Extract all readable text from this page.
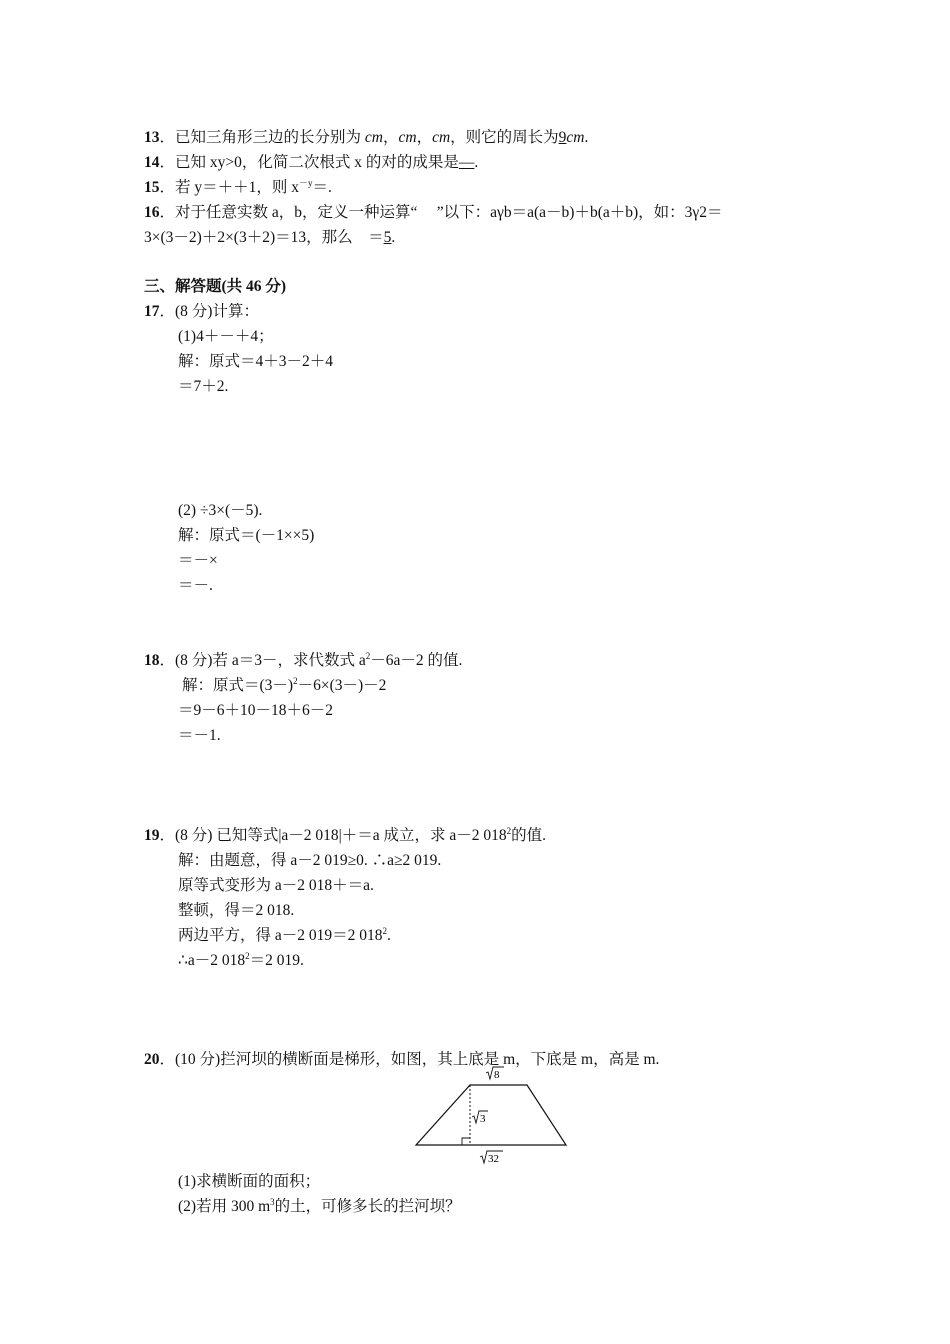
13．已知三角形三边的长分别为 cm，cm，cm，则它的周长为9cm.
14．已知 xy>0，化简二次根式 x 的对的成果是—.
15．若 y＝＋＋1，则 $x^{-y}=$.
16．对于任意实数 a，b，定义一种运算“　 ”以下：aγb＝a(a－b)＋b(a＋b)，如：3γ2＝
3×(3－2)＋2×(3＋2)＝13，那么　＝5.
三、解答题(共 46 分)
17．(8 分)计算：
(1)4＋－＋4；
解：原式＝4＋3－2＋4
＝7＋2.
(2) ÷3×(－5).
解：原式＝(－1××5)
＝－×
＝－.
18．(8 分)若 a＝3－，求代数式 $a^2-6a-2$ 的值.
解：原式$=(3-)^2-6\times(3-)-2$
＝9－6＋10－18＋6－2
＝－1.
19．(8 分) 已知等式|a－2 018|＋＝a 成立，求 a－2 $018^2$的值.
解：由题意，得 a－2 019≥0. ∴a≥2 019.
原等式变形为 a－2 018＋＝a.
整顿，得＝2 018.
两边平方，得 a－2 019＝2 $018^2$.
∴a－2 $018^2=2$ 019.
20．(10 分)拦河坝的横断面是梯形，如图，其上底是 m，下底是 m，高是 m.
8
3
32
(1)求横断面的面积；
(2)若用 300 $m^3$的土，可修多长的拦河坝？
